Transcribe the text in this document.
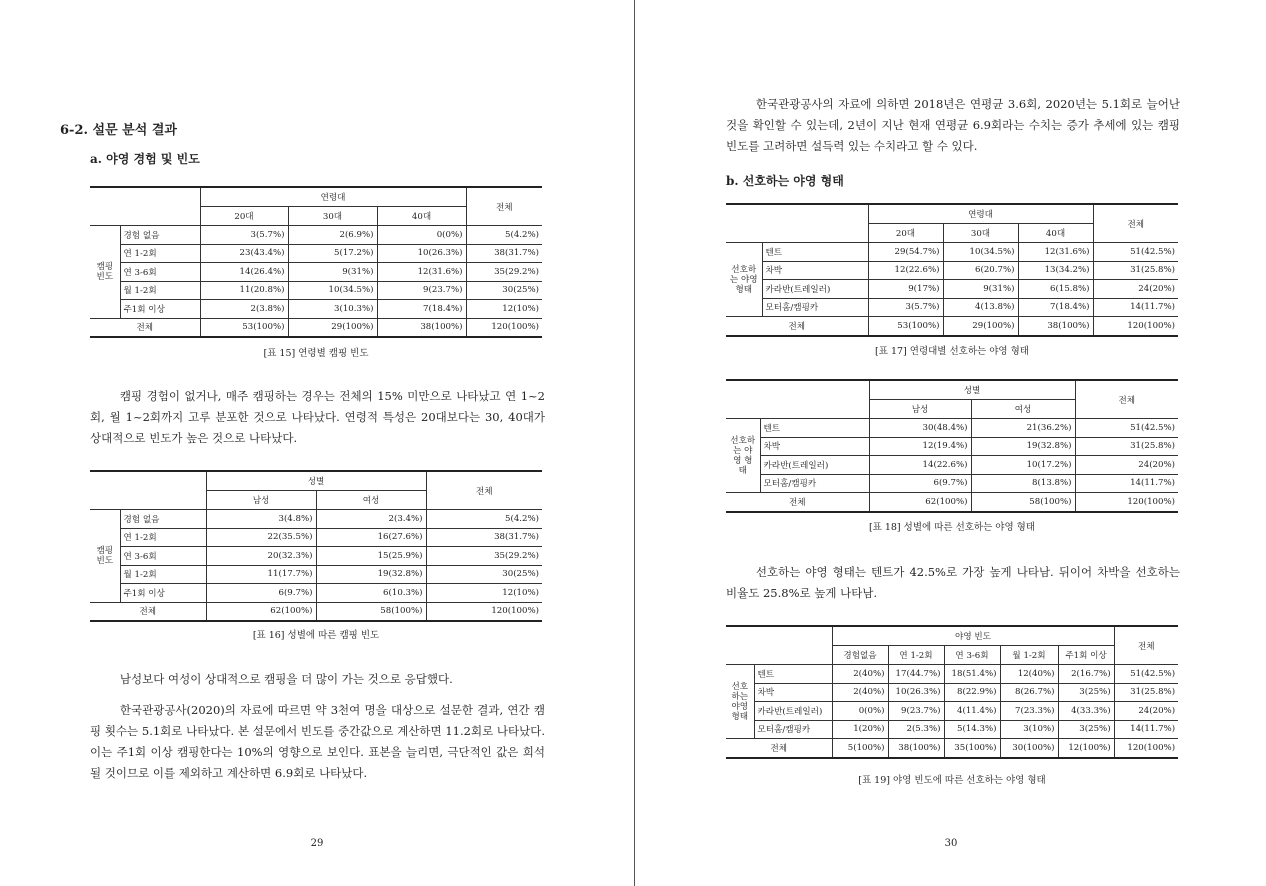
6-2. 설문 분석 결과
a. 야영 경험 및 빈도
		연령대			전체
		20대	30대	40대	
캠핑 빈도	경험 없음	3(5.7%)	2(6.9%)	0(0%)	5(4.2%)
	연 1-2회	23(43.4%)	5(17.2%)	10(26.3%)	38(31.7%)
	연 3-6회	14(26.4%)	9(31%)	12(31.6%)	35(29.2%)
	월 1-2회	11(20.8%)	10(34.5%)	9(23.7%)	30(25%)
	주1회 이상	2(3.8%)	3(10.3%)	7(18.4%)	12(10%)
전체		53(100%)	29(100%)	38(100%)	120(100%)
[표 15] 연령별 캠핑 빈도

캠핑 경험이 없거나, 매주 캠핑하는 경우는 전체의 15% 미만으로 나타났고 연 1~2회, 월 1~2회까지 고루 분포한 것으로 나타났다. 연령적 특성은 20대보다는 30, 40대가 상대적으로 빈도가 높은 것으로 나타났다.

		성별		전체
		남성	여성	
캠핑 빈도	경험 없음	3(4.8%)	2(3.4%)	5(4.2%)
	연 1-2회	22(35.5%)	16(27.6%)	38(31.7%)
	연 3-6회	20(32.3%)	15(25.9%)	35(29.2%)
	월 1-2회	11(17.7%)	19(32.8%)	30(25%)
	주1회 이상	6(9.7%)	6(10.3%)	12(10%)
전체		62(100%)	58(100%)	120(100%)
[표 16] 성별에 따른 캠핑 빈도

남성보다 여성이 상대적으로 캠핑을 더 많이 가는 것으로 응답했다.

한국관광공사(2020)의 자료에 따르면 약 3천여 명을 대상으로 설문한 결과, 연간 캠핑 횟수는 5.1회로 나타났다. 본 설문에서 빈도를 중간값으로 계산하면 11.2회로 나타났다. 이는 주1회 이상 캠핑한다는 10%의 영향으로 보인다. 표본을 늘리면, 극단적인 값은 희석될 것이므로 이를 제외하고 계산하면 6.9회로 나타났다.

29

한국관광공사의 자료에 의하면 2018년은 연평균 3.6회, 2020년는 5.1회로 늘어난 것을 확인할 수 있는데, 2년이 지난 현재 연평균 6.9회라는 수치는 증가 추세에 있는 캠핑 빈도를 고려하면 설득력 있는 수치라고 할 수 있다.

b. 선호하는 야영 형태
		연령대			전체
		20대	30대	40대	
선호하는 야영 형태	텐트	29(54.7%)	10(34.5%)	12(31.6%)	51(42.5%)
	차박	12(22.6%)	6(20.7%)	13(34.2%)	31(25.8%)
	카라반(트레일러)	9(17%)	9(31%)	6(15.8%)	24(20%)
	모터홈/캠핑카	3(5.7%)	4(13.8%)	7(18.4%)	14(11.7%)
전체		53(100%)	29(100%)	38(100%)	120(100%)
[표 17] 연령대별 선호하는 야영 형태
		성별		전체
		남성	여성	
선호하는 야영 형태	텐트	30(48.4%)	21(36.2%)	51(42.5%)
	차박	12(19.4%)	19(32.8%)	31(25.8%)
	카라반(트레일러)	14(22.6%)	10(17.2%)	24(20%)
	모터홈/캠핑카	6(9.7%)	8(13.8%)	14(11.7%)
전체		62(100%)	58(100%)	120(100%)
[표 18] 성별에 따른 선호하는 야영 형태

선호하는 야영 형태는 텐트가 42.5%로 가장 높게 나타남. 뒤이어 차박을 선호하는 비율도 25.8%로 높게 나타남.

		야영 빈도					전체
		경험없음	연 1-2회	연 3-6회	월 1-2회	주1회 이상	
선호하는 야영 형태	텐트	2(40%)	17(44.7%)	18(51.4%)	12(40%)	2(16.7%)	51(42.5%)
	차박	2(40%)	10(26.3%)	8(22.9%)	8(26.7%)	3(25%)	31(25.8%)
	카라반(트레일러)	0(0%)	9(23.7%)	4(11.4%)	7(23.3%)	4(33.3%)	24(20%)
	모터홈/캠핑카	1(20%)	2(5.3%)	5(14.3%)	3(10%)	3(25%)	14(11.7%)
전체		5(100%)	38(100%)	35(100%)	30(100%)	12(100%)	120(100%)
[표 19] 야영 빈도에 따른 선호하는 야영 형태
30
